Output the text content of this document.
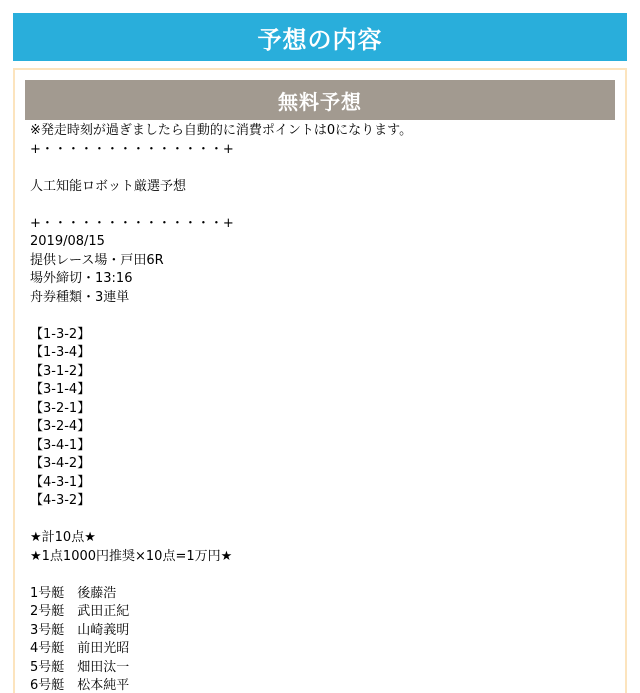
予想の内容
無料予想
※発走時刻が過ぎましたら自動的に消費ポイントは0になります。
+・・・・・・・・・・・・・・+
人工知能ロボット厳選予想
+・・・・・・・・・・・・・・+
2019/08/15
提供レース場・戸田6R
場外締切・13:16
舟券種類・3連単
【1-3-2】
【1-3-4】
【3-1-2】
【3-1-4】
【3-2-1】
【3-2-4】
【3-4-1】
【3-4-2】
【4-3-1】
【4-3-2】
★計10点★
★1点1000円推奨×10点=1万円★
1号艇　後藤浩
2号艇　武田正紀
3号艇　山崎義明
4号艇　前田光昭
5号艇　畑田汰一
6号艇　松本純平
